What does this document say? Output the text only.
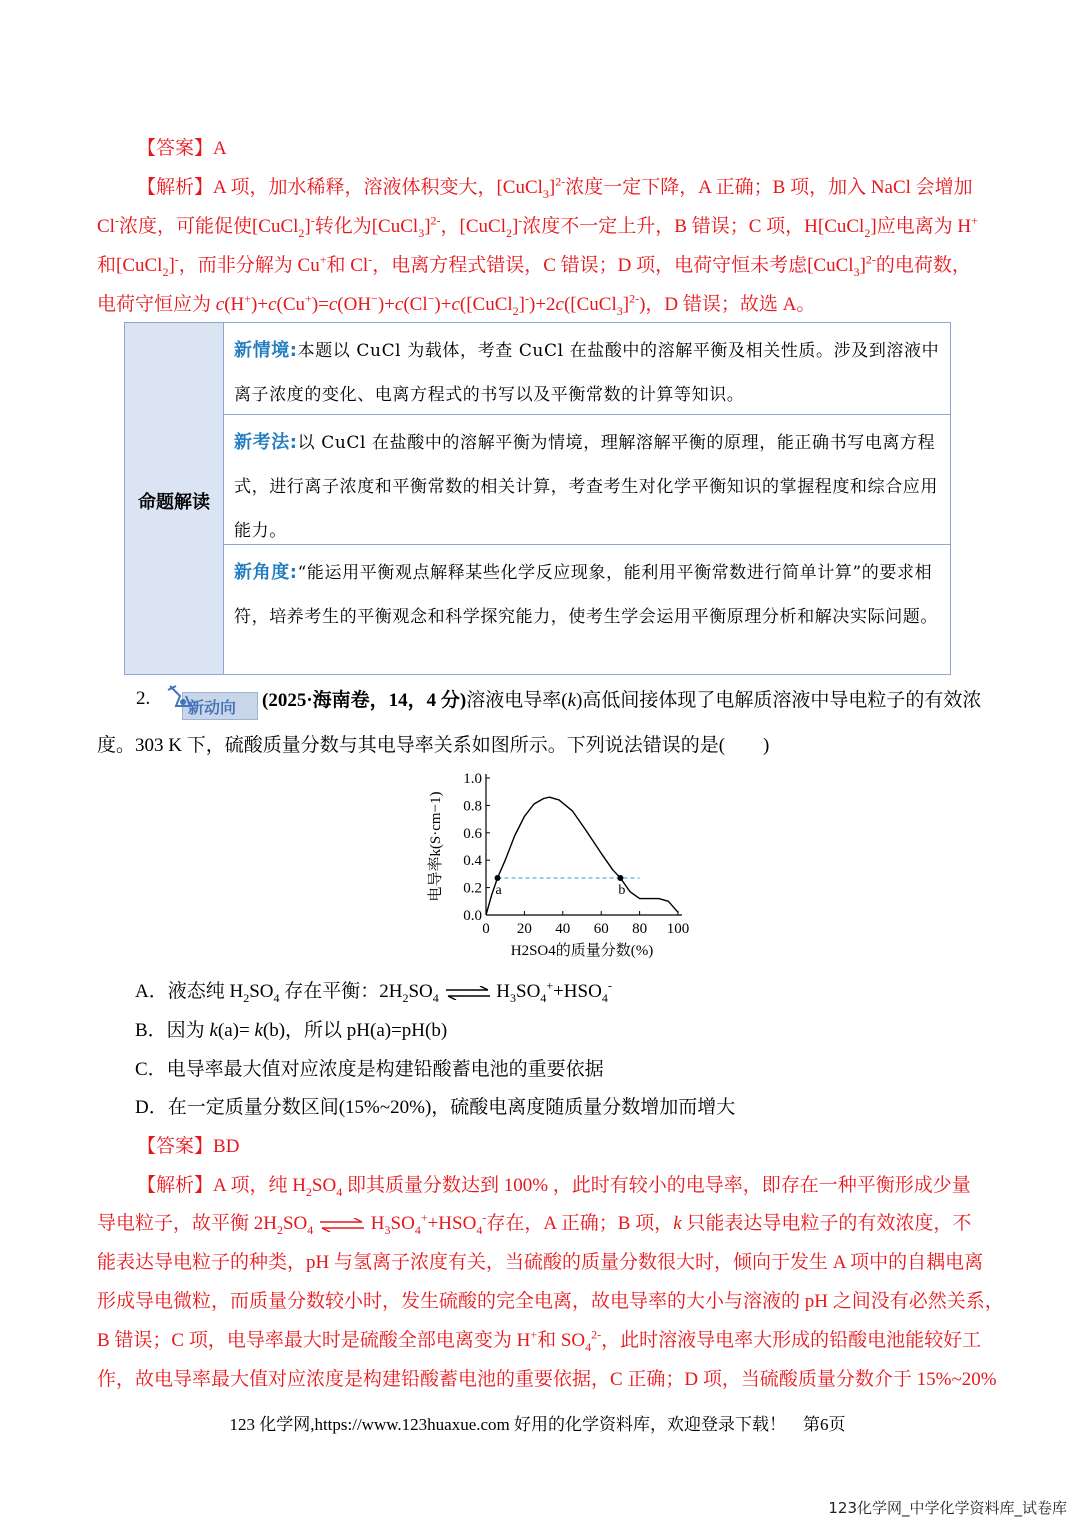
【答案】A
【解析】A 项，加水稀释，溶液体积变大，[CuCl$_3$]$^{2-}$浓度一定下降，A 正确；B 项，加入 NaCl 会增加
Cl-浓度，可能促使[CuCl$_2$]-转化为[CuCl$_3$]$^{2-}$，[CuCl$_2$]-浓度不一定上升，B 错误；C 项，H[CuCl$_2$]应电离为 H+
和[CuCl$_2$]-，而非分解为 Cu+和 Cl-，电离方程式错误，C 错误；D 项，电荷守恒未考虑[CuCl$_3$]$^{2-}$的电荷数，
电荷守恒应为 c(H+)+c(Cu+)=c(OH−)+c(Cl−)+c([CuCl$_2$]-)+2c([CuCl$_3$]$^{2-}$)，D 错误；故选 A。
命题解读
新情境:本题以 CuCl 为载体，考查 CuCl 在盐酸中的溶解平衡及相关性质。涉及到溶液中离子浓度的变化、电离方程式的书写以及平衡常数的计算等知识。
新考法:以 CuCl 在盐酸中的溶解平衡为情境，理解溶解平衡的原理，能正确书写电离方程式，进行离子浓度和平衡常数的相关计算，考查考生对化学平衡知识的掌握程度和综合应用能力。
新角度:“能运用平衡观点解释某些化学反应现象，能利用平衡常数进行简单计算”的要求相符，培养考生的平衡观念和科学探究能力，使考生学会运用平衡原理分析和解决实际问题。
2. 新动向 (2025·海南卷，14，4 分)溶液电导率(k)高低间接体现了电解质溶液中导电粒子的有效浓
度。303 K 下，硫酸质量分数与其电导率关系如图所示。下列说法错误的是(　　)
0.0
0.2
0.4
0.6
0.8
1.0
0 20 40 60 80 100
a	b
电导率k(S·cm−1)
H2SO4的质量分数(%)
A．液态纯 $H_2SO_4$ 存在平衡：$2H_2SO_4$ ⇌ $H_3SO_4^++HSO_4^-$
B．因为 k(a)= k(b)，所以 pH(a)=pH(b)
C．电导率最大值对应浓度是构建铅酸蓄电池的重要依据
D．在一定质量分数区间(15%~20%)，硫酸电离度随质量分数增加而增大
【答案】BD
【解析】A 项，纯 $H_2SO_4$ 即其质量分数达到 100% ，此时有较小的电导率，即存在一种平衡形成少量
导电粒子，故平衡 $2H_2SO_4$ ⇌ $H_3SO_4^++HSO_4^-$存在，A 正确；B 项，k 只能表达导电粒子的有效浓度，不
能表达导电粒子的种类，pH 与氢离子浓度有关，当硫酸的质量分数很大时，倾向于发生 A 项中的自耦电离
形成导电微粒，而质量分数较小时，发生硫酸的完全电离，故电导率的大小与溶液的 pH 之间没有必然关系，
B 错误；C 项，电导率最大时是硫酸全部电离变为 H+和 $SO_4^{2-}$，此时溶液导电率大形成的铅酸电池能较好工
作，故电导率最大值对应浓度是构建铅酸蓄电池的重要依据，C 正确；D 项，当硫酸质量分数介于 15%~20%
123 化学网,https://www.123huaxue.com 好用的化学资料库，欢迎登录下载！　第6页
123化学网_中学化学资料库_试卷库
